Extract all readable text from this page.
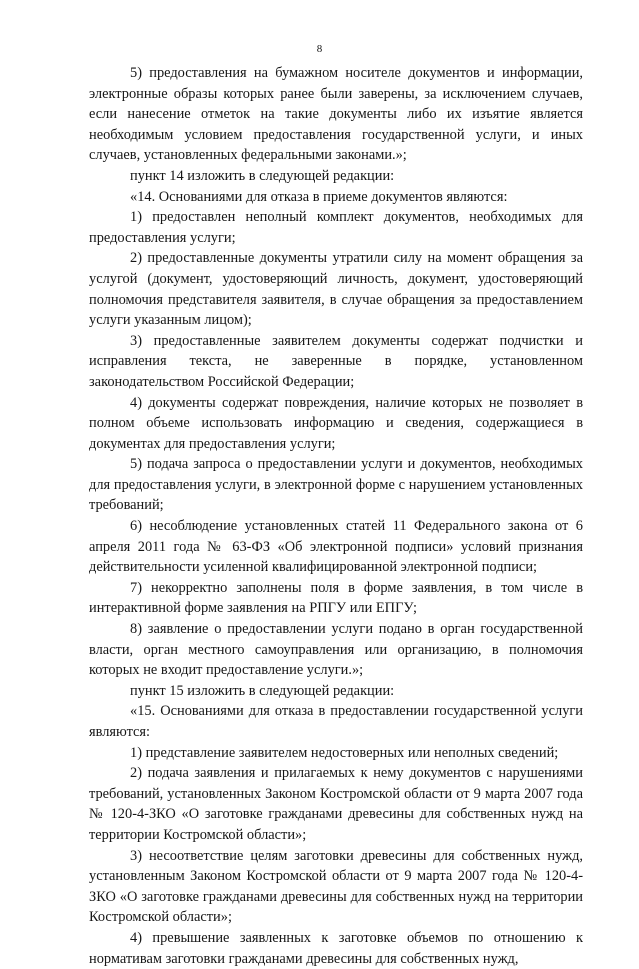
8

5) предоставления на бумажном носителе документов и информации, электронные образы которых ранее были заверены, за исключением случаев, если нанесение отметок на такие документы либо их изъятие является необходимым условием предоставления государственной услуги, и иных случаев, установленных федеральными законами.»;

пункт 14 изложить в следующей редакции:

«14. Основаниями для отказа в приеме документов являются:

1) предоставлен неполный комплект документов, необходимых для предоставления услуги;

2) предоставленные документы утратили силу на момент обращения за услугой (документ, удостоверяющий личность, документ, удостоверяющий полномочия представителя заявителя, в случае обращения за предоставлением услуги указанным лицом);

3) предоставленные заявителем документы содержат подчистки и исправления текста, не заверенные в порядке, установленном законодательством Российской Федерации;

4) документы содержат повреждения, наличие которых не позволяет в полном объеме использовать информацию и сведения, содержащиеся в документах для предоставления услуги;

5) подача запроса о предоставлении услуги и документов, необходимых для предоставления услуги, в электронной форме с нарушением установленных требований;

6) несоблюдение установленных статей 11 Федерального закона от 6 апреля 2011 года № 63-ФЗ «Об электронной подписи» условий признания действительности усиленной квалифицированной электронной подписи;

7) некорректно заполнены поля в форме заявления, в том числе в интерактивной форме заявления на РПГУ или ЕПГУ;

8) заявление о предоставлении услуги подано в орган государственной власти, орган местного самоуправления или организацию, в полномочия которых не входит предоставление услуги.»;

пункт 15 изложить в следующей редакции:

«15. Основаниями для отказа в предоставлении государственной услуги являются:

1) представление заявителем недостоверных или неполных сведений;

2) подача заявления и прилагаемых к нему документов с нарушениями требований, установленных Законом Костромской области от 9 марта 2007 года № 120-4-ЗКО «О заготовке гражданами древесины для собственных нужд на территории Костромской области»;

3) несоответствие целям заготовки древесины для собственных нужд, установленным Законом Костромской области от 9 марта 2007 года № 120-4-ЗКО «О заготовке гражданами древесины для собственных нужд на территории Костромской области»;

4) превышение заявленных к заготовке объемов по отношению к нормативам заготовки гражданами древесины для собственных нужд,
